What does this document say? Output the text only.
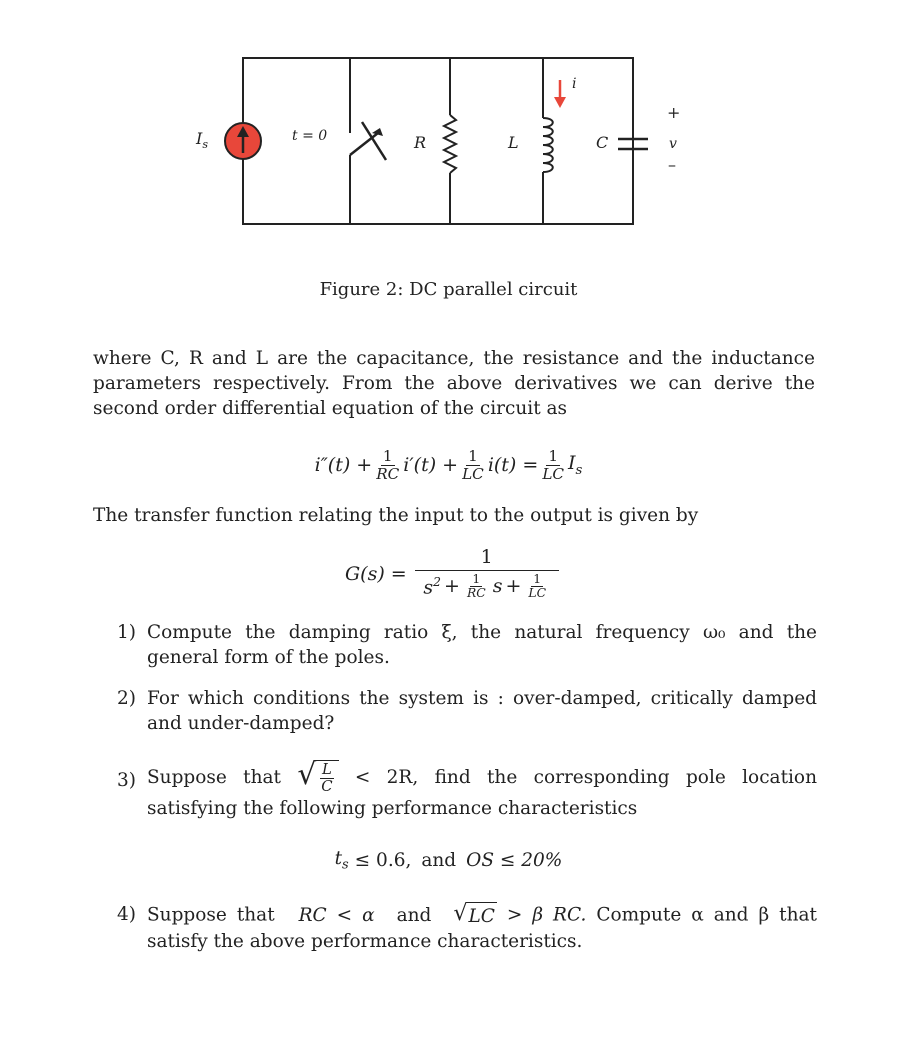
$I_s$
t = 0	R	L	C
i
+
v
–
Figure 2: DC parallel circuit
where C, R and L are the capacitance, the resistance and the inductance parameters respectively. From the above derivatives we can derive the second order differential equation of the circuit as
$i''(t) + \frac{1}{RC} i'(t) + \frac{1}{LC} i(t) = \frac{1}{LC} I_s$
The transfer function relating the input to the output is given by
G(s) =
1
$s^2 + \frac{1}{RC}$ $s + \frac{1}{LC}$
1) Compute the damping ratio ξ, the natural frequency ω₀ and the general form of the poles.
2) For which conditions the system is : over-damped, critically damped and under-damped?
3) Suppose that √ $\frac{L}{C} < 2R$, find the corresponding pole location satisfying the following performance characteristics
$t_s \le 0.6$, and OS ≤ 20%
4) Suppose that RC < α and √ LC > β RC. Compute α and β that satisfy the above performance characteristics.
